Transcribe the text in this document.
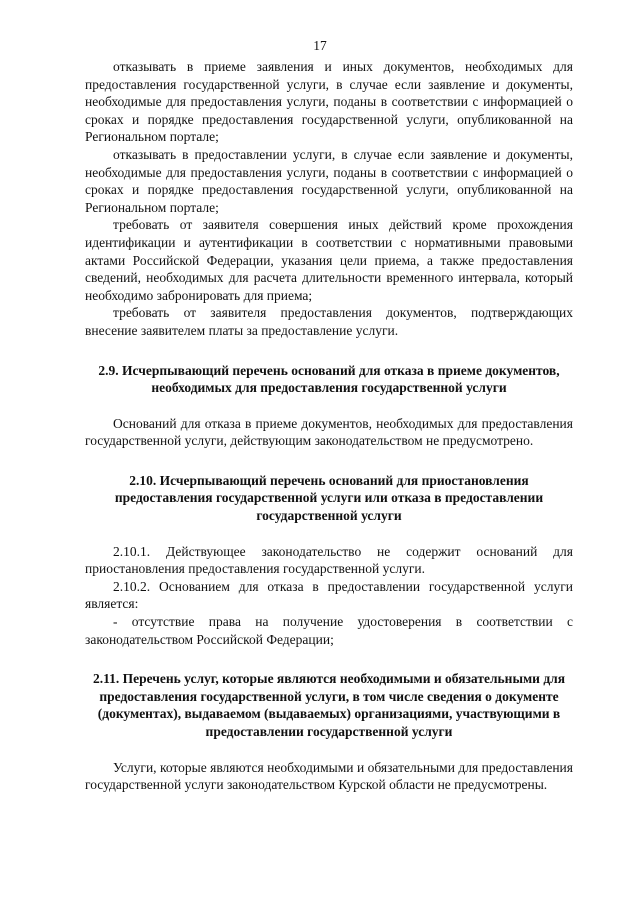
17

отказывать в приеме заявления и иных документов, необходимых для предоставления государственной услуги, в случае если заявление и документы, необходимые для предоставления услуги, поданы в соответствии с информацией о сроках и порядке предоставления государственной услуги, опубликованной на Региональном портале;

отказывать в предоставлении услуги, в случае если заявление и документы, необходимые для предоставления услуги, поданы в соответствии с информацией о сроках и порядке предоставления государственной услуги, опубликованной на Региональном портале;

требовать от заявителя совершения иных действий кроме прохождения идентификации и аутентификации в соответствии с нормативными правовыми актами Российской Федерации, указания цели приема, а также предоставления сведений, необходимых для расчета длительности временного интервала, который необходимо забронировать для приема;

требовать от заявителя предоставления документов, подтверждающих внесение заявителем платы за предоставление услуги.

2.9. Исчерпывающий перечень оснований для отказа в приеме документов, необходимых для предоставления государственной услуги

Оснований для отказа в приеме документов, необходимых для предоставления государственной услуги, действующим законодательством не предусмотрено.

2.10. Исчерпывающий перечень оснований для приостановления предоставления государственной услуги или отказа в предоставлении государственной услуги

2.10.1. Действующее законодательство не содержит оснований для приостановления предоставления государственной услуги.

2.10.2. Основанием для отказа в предоставлении государственной услуги является:

- отсутствие права на получение удостоверения в соответствии с законодательством Российской Федерации;

2.11. Перечень услуг, которые являются необходимыми и обязательными для предоставления государственной услуги, в том числе сведения о документе (документах), выдаваемом (выдаваемых) организациями, участвующими в предоставлении государственной услуги

Услуги, которые являются необходимыми и обязательными для предоставления государственной услуги законодательством Курской области не предусмотрены.
